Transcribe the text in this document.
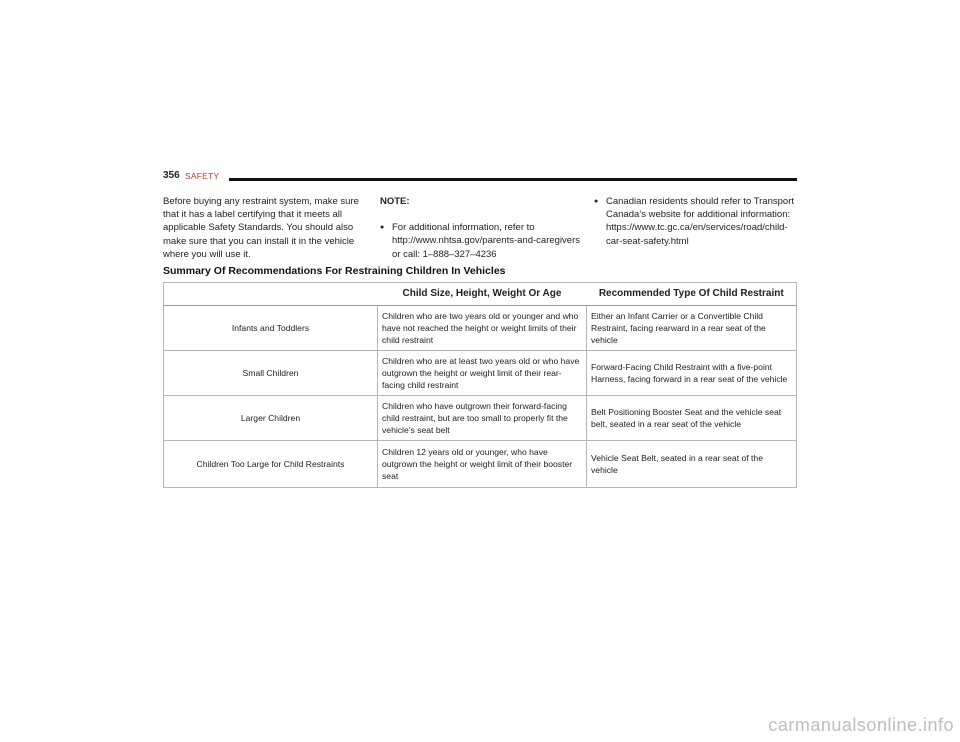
356 SAFETY
Before buying any restraint system, make sure that it has a label certifying that it meets all applicable Safety Standards. You should also make sure that you can install it in the vehicle where you will use it.
NOTE:
● For additional information, refer to http://www.nhtsa.gov/parents-and-caregivers or call: 1–888–327–4236
● Canadian residents should refer to Transport Canada’s website for additional information: https://www.tc.gc.ca/en/services/road/child-car-seat-safety.html
Summary Of Recommendations For Restraining Children In Vehicles
	Child Size, Height, Weight Or Age	Recommended Type Of Child Restraint
Infants and Toddlers	Children who are two years old or younger and who have not reached the height or weight limits of their child restraint	Either an Infant Carrier or a Convertible Child Restraint, facing rearward in a rear seat of the vehicle
Small Children	Children who are at least two years old or who have outgrown the height or weight limit of their rear-facing child restraint	Forward-Facing Child Restraint with a five-point Harness, facing forward in a rear seat of the vehicle
Larger Children	Children who have outgrown their forward-facing child restraint, but are too small to properly fit the vehicle’s seat belt	Belt Positioning Booster Seat and the vehicle seat belt, seated in a rear seat of the vehicle
Children Too Large for Child Restraints	Children 12 years old or younger, who have outgrown the height or weight limit of their booster seat	Vehicle Seat Belt, seated in a rear seat of the vehicle
carmanualsonline.info
